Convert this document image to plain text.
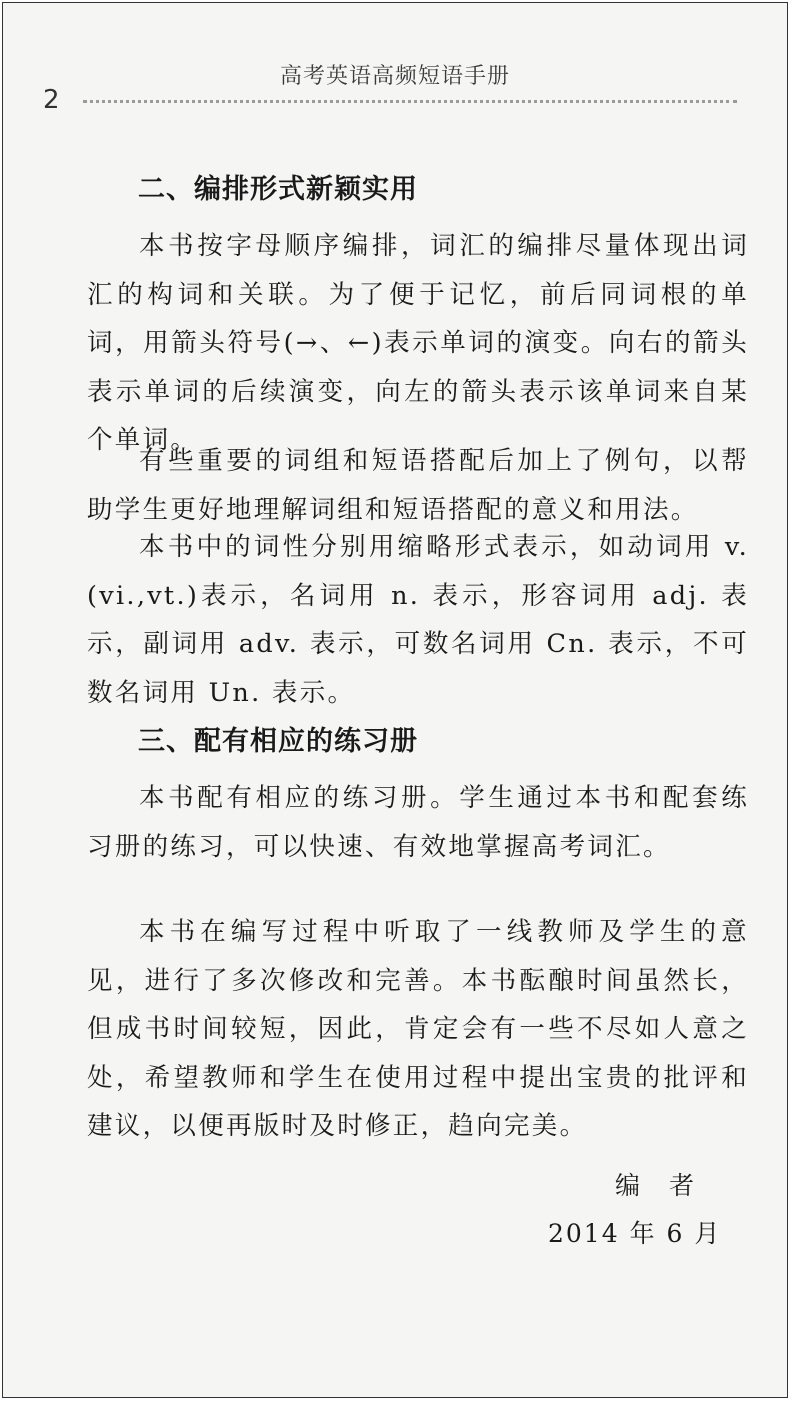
高考英语高频短语手册
2
二、编排形式新颖实用
本书按字母顺序编排，词汇的编排尽量体现出词汇的构词和关联。为了便于记忆，前后同词根的单词，用箭头符号(→、←)表示单词的演变。向右的箭头表示单词的后续演变，向左的箭头表示该单词来自某个单词。
有些重要的词组和短语搭配后加上了例句，以帮助学生更好地理解词组和短语搭配的意义和用法。
本书中的词性分别用缩略形式表示，如动词用 v.(vi.,vt.)表示，名词用 n. 表示，形容词用 adj. 表示，副词用 adv. 表示，可数名词用 Cn. 表示，不可数名词用 Un. 表示。
三、配有相应的练习册
本书配有相应的练习册。学生通过本书和配套练习册的练习，可以快速、有效地掌握高考词汇。
本书在编写过程中听取了一线教师及学生的意见，进行了多次修改和完善。本书酝酿时间虽然长，但成书时间较短，因此，肯定会有一些不尽如人意之处，希望教师和学生在使用过程中提出宝贵的批评和建议，以便再版时及时修正，趋向完美。
编　者
2014 年 6 月
